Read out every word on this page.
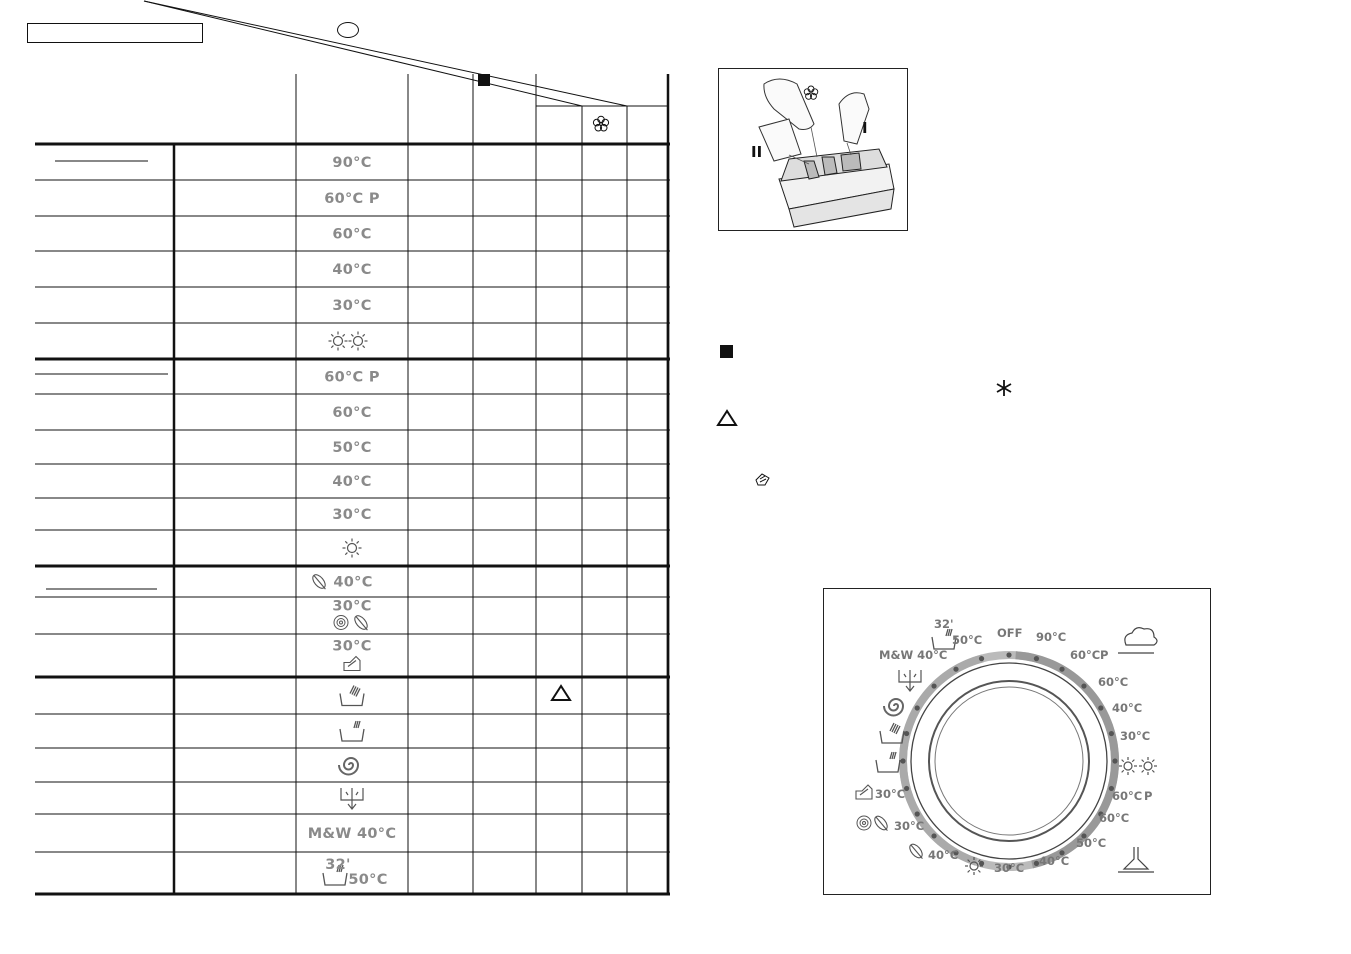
90°C
60°C P
60°C
40°C
30°C
60°C P
60°C
50°C
40°C
30°C
40°C
30°C
30°C
M&W 40°C
32'
50°C
I
II
OFF 90°C
60°C P
60°C
40°C
30°C
60°C P
60°C
50°C
40°C
30°C
40°C
30°C
30°C
M&W 40°C
32'
50°C
